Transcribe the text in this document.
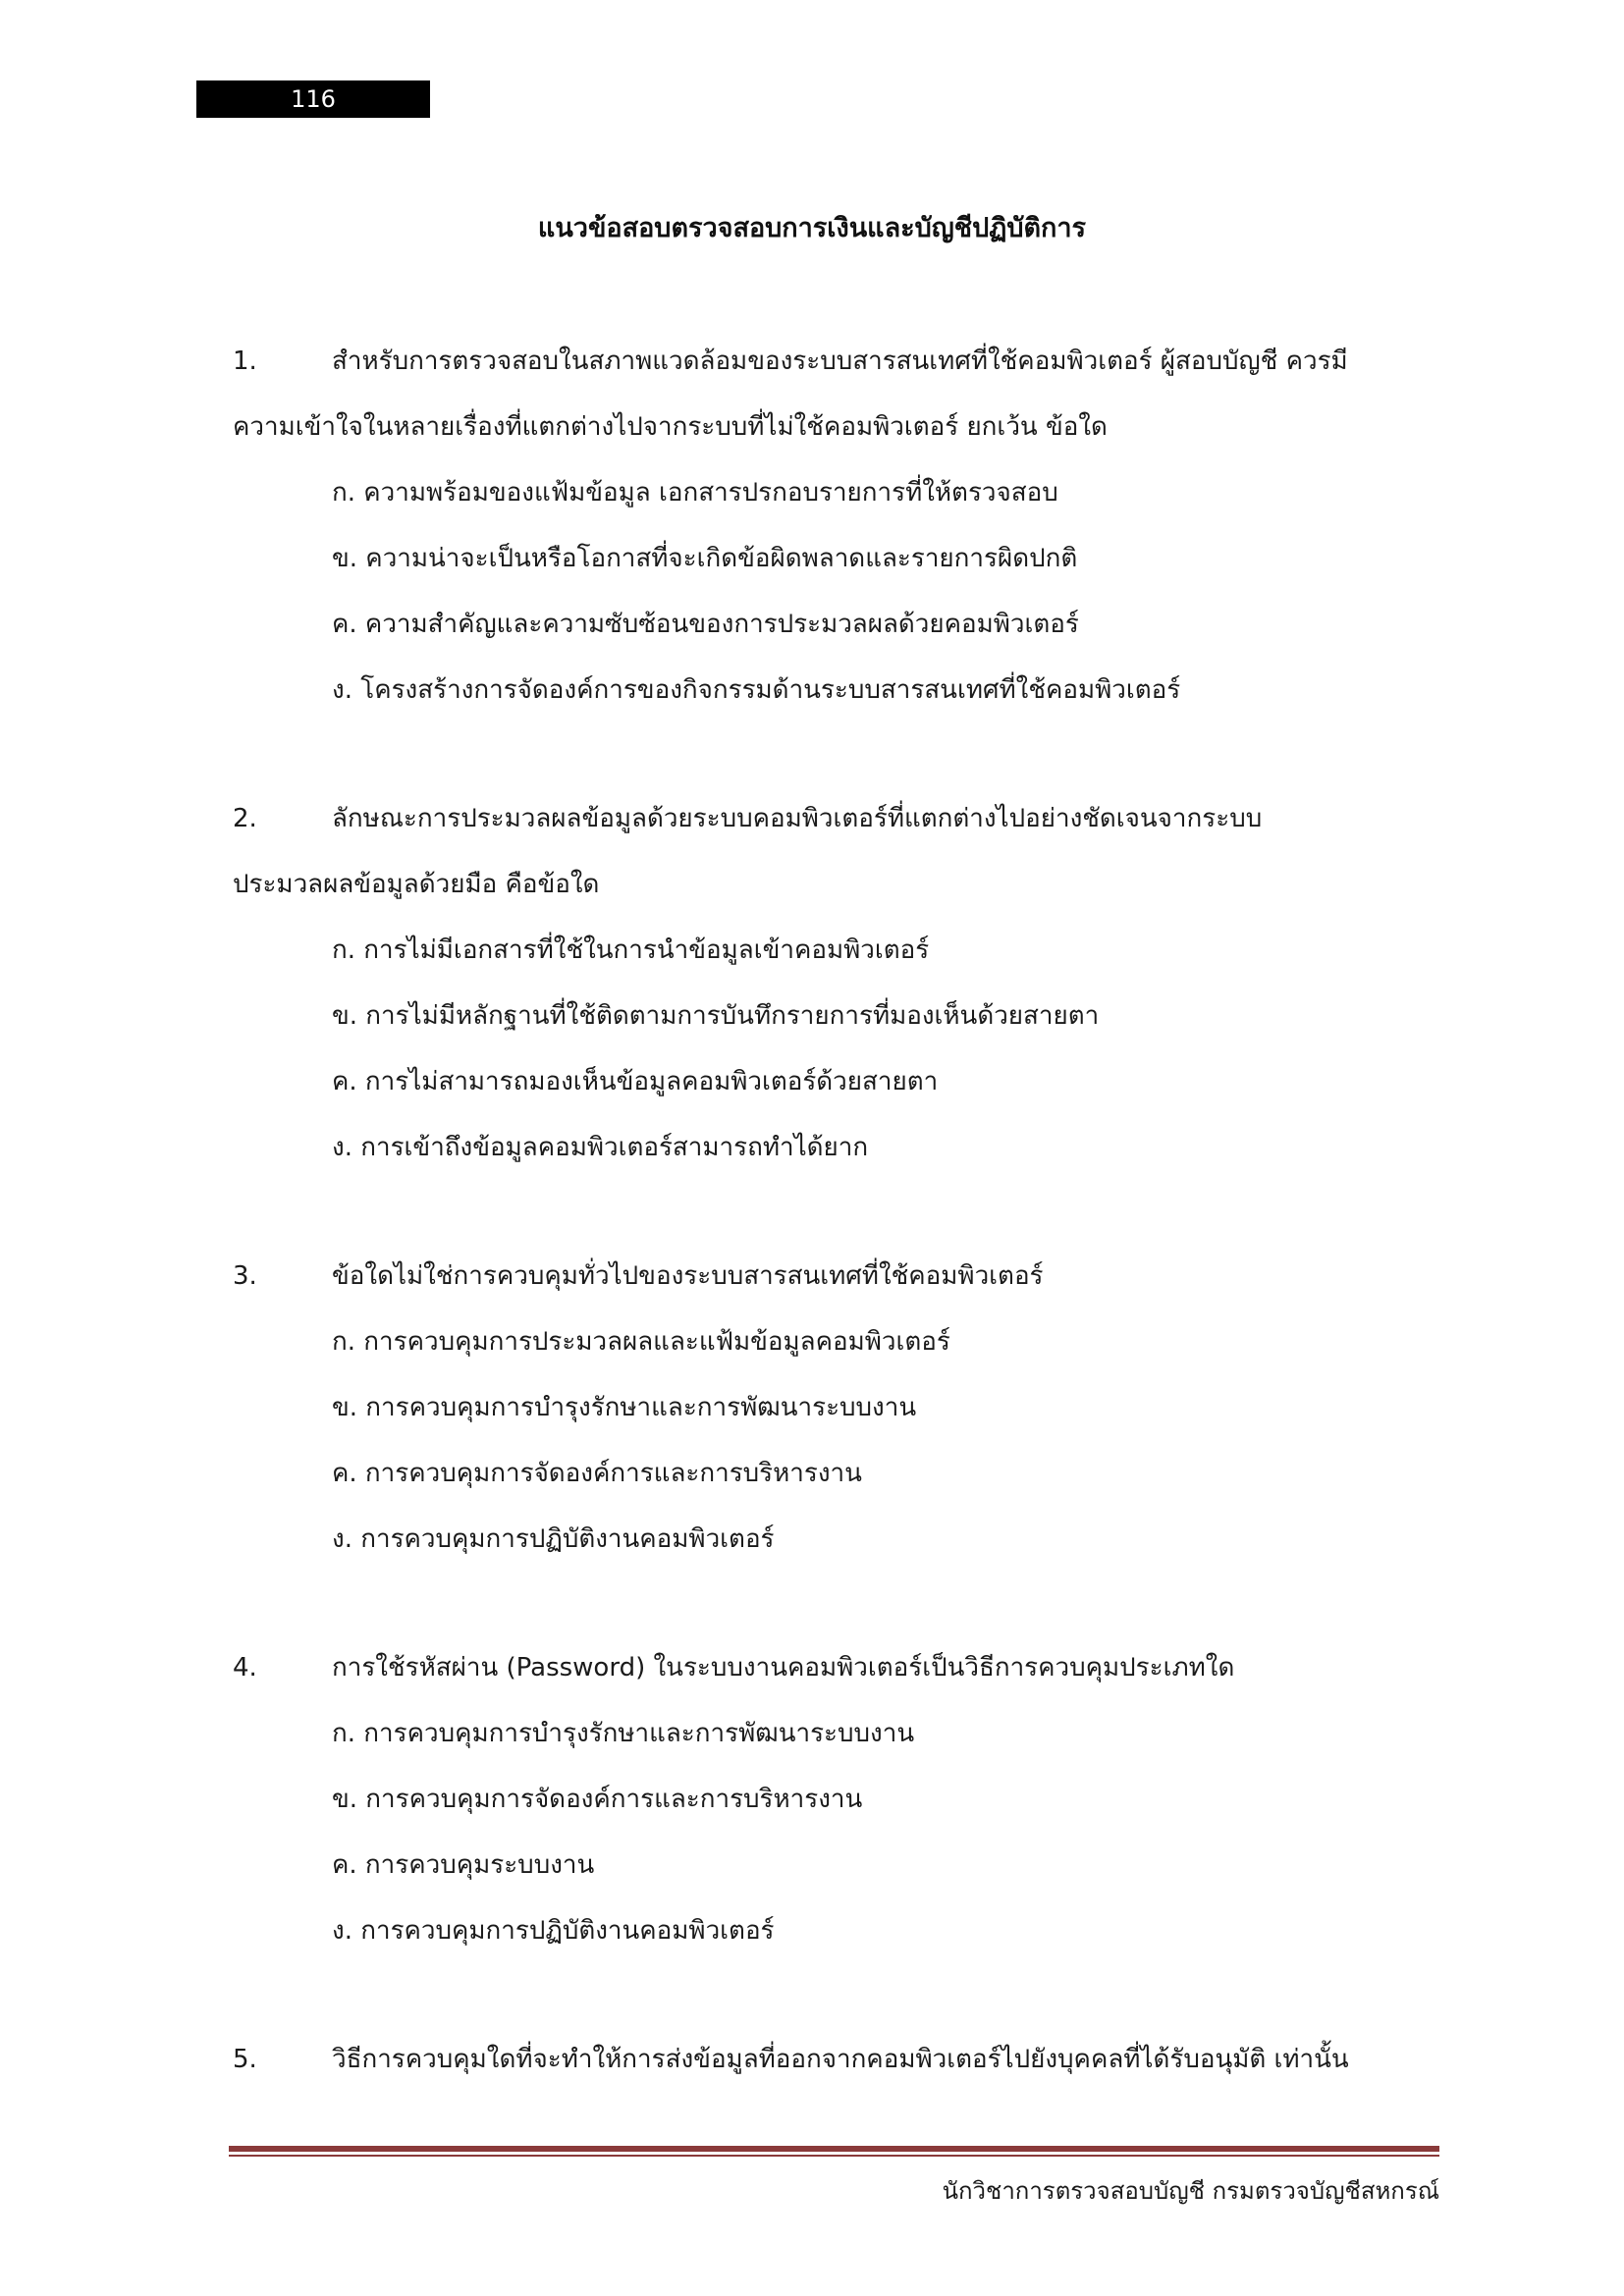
116
แนวข้อสอบตรวจสอบการเงินและบัญชีปฏิบัติการ
1.	สำหรับการตรวจสอบในสภาพแวดล้อมของระบบสารสนเทศที่ใช้คอมพิวเตอร์ ผู้สอบบัญชี ควรมี
ความเข้าใจในหลายเรื่องที่แตกต่างไปจากระบบที่ไม่ใช้คอมพิวเตอร์ ยกเว้น ข้อใด
ก. ความพร้อมของแฟ้มข้อมูล เอกสารปรกอบรายการที่ให้ตรวจสอบ
ข. ความน่าจะเป็นหรือโอกาสที่จะเกิดข้อผิดพลาดและรายการผิดปกติ
ค. ความสำคัญและความซับซ้อนของการประมวลผลด้วยคอมพิวเตอร์
ง. โครงสร้างการจัดองค์การของกิจกรรมด้านระบบสารสนเทศที่ใช้คอมพิวเตอร์
2.	ลักษณะการประมวลผลข้อมูลด้วยระบบคอมพิวเตอร์ที่แตกต่างไปอย่างชัดเจนจากระบบ
ประมวลผลข้อมูลด้วยมือ คือข้อใด
ก. การไม่มีเอกสารที่ใช้ในการนำข้อมูลเข้าคอมพิวเตอร์
ข. การไม่มีหลักฐานที่ใช้ติดตามการบันทึกรายการที่มองเห็นด้วยสายตา
ค. การไม่สามารถมองเห็นข้อมูลคอมพิวเตอร์ด้วยสายตา
ง. การเข้าถึงข้อมูลคอมพิวเตอร์สามารถทำได้ยาก
3.	ข้อใดไม่ใช่การควบคุมทั่วไปของระบบสารสนเทศที่ใช้คอมพิวเตอร์
ก. การควบคุมการประมวลผลและแฟ้มข้อมูลคอมพิวเตอร์
ข. การควบคุมการบำรุงรักษาและการพัฒนาระบบงาน
ค. การควบคุมการจัดองค์การและการบริหารงาน
ง. การควบคุมการปฏิบัติงานคอมพิวเตอร์
4.	การใช้รหัสผ่าน (Password) ในระบบงานคอมพิวเตอร์เป็นวิธีการควบคุมประเภทใด
ก. การควบคุมการบำรุงรักษาและการพัฒนาระบบงาน
ข. การควบคุมการจัดองค์การและการบริหารงาน
ค. การควบคุมระบบงาน
ง. การควบคุมการปฏิบัติงานคอมพิวเตอร์
5.	วิธีการควบคุมใดที่จะทำให้การส่งข้อมูลที่ออกจากคอมพิวเตอร์ไปยังบุคคลที่ได้รับอนุมัติ เท่านั้น
นักวิชาการตรวจสอบบัญชี กรมตรวจบัญชีสหกรณ์
